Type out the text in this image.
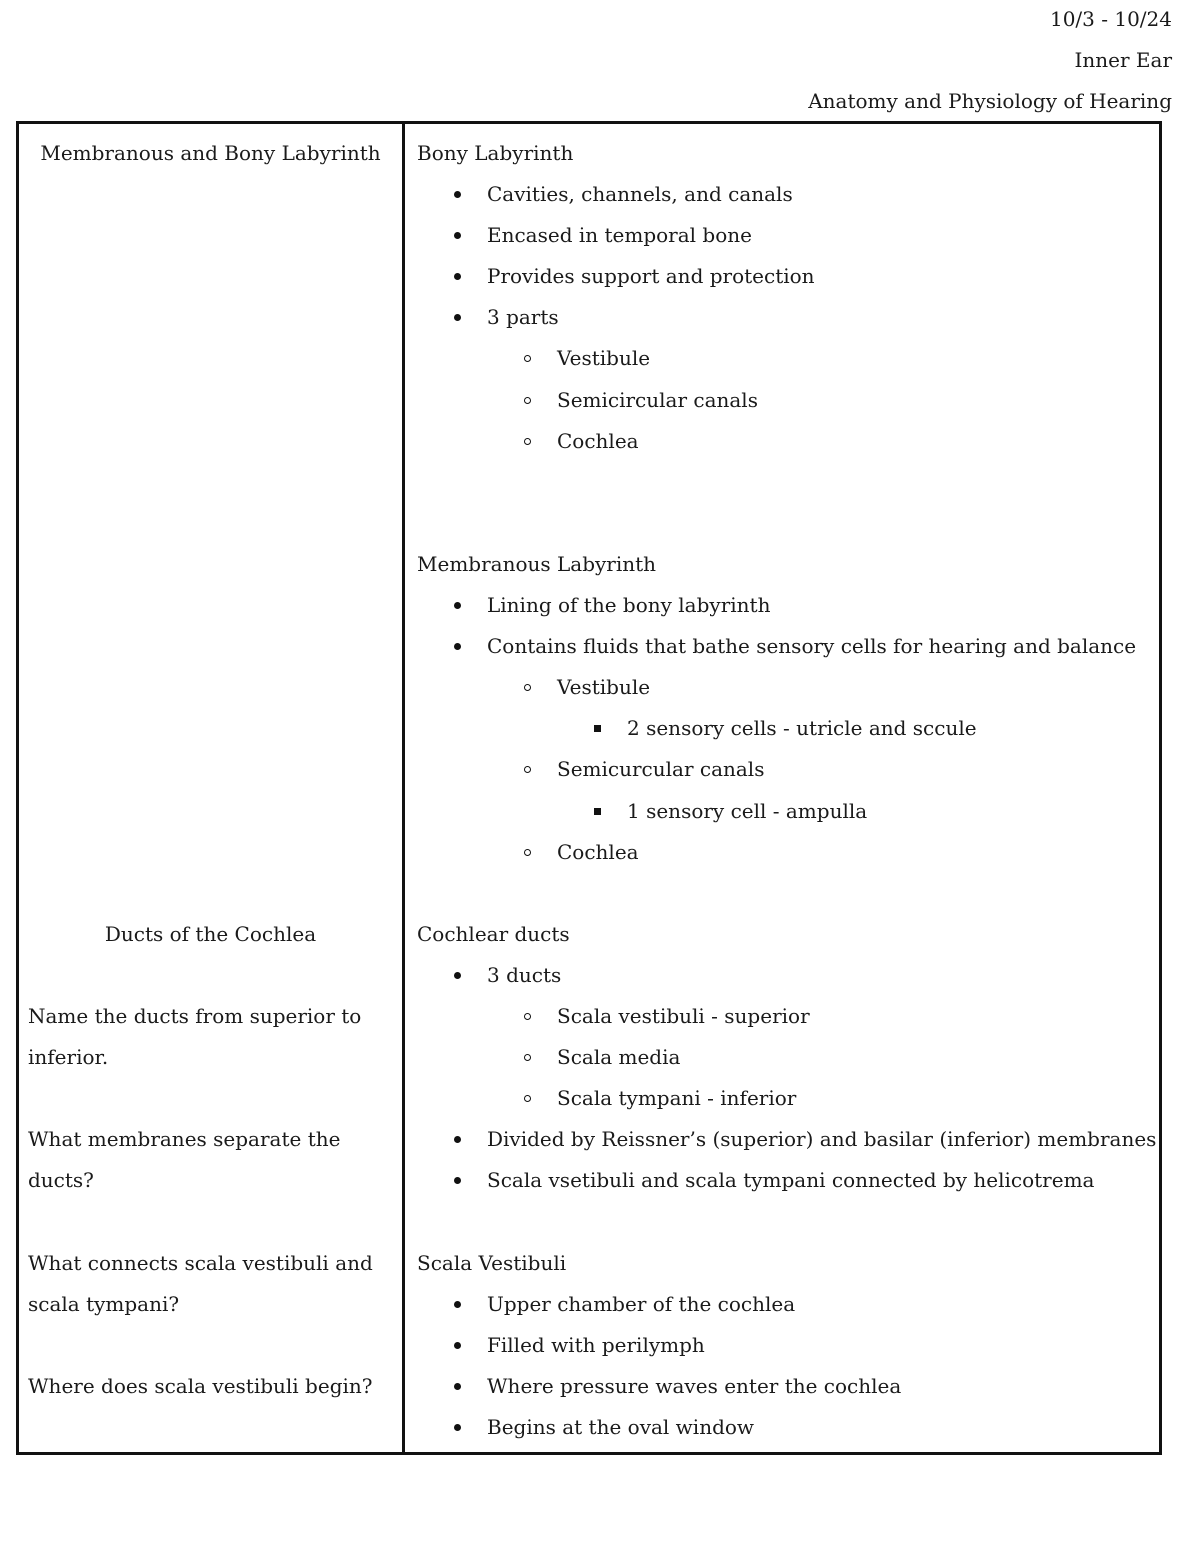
10/3 - 10/24
Inner Ear
Anatomy and Physiology of Hearing
Membranous and Bony Labyrinth
Ducts of the Cochlea
Name the ducts from superior to
inferior.
What membranes separate the
ducts?
What connects scala vestibuli and
scala tympani?
Where does scala vestibuli begin?
Bony Labyrinth
Cavities, channels, and canals
Encased in temporal bone
Provides support and protection
3 parts
Vestibule
Semicircular canals
Cochlea
Membranous Labyrinth
Lining of the bony labyrinth
Contains fluids that bathe sensory cells for hearing and balance
Vestibule
2 sensory cells - utricle and sccule
Semicurcular canals
1 sensory cell - ampulla
Cochlea
Cochlear ducts
3 ducts
Scala vestibuli - superior
Scala media
Scala tympani - inferior
Divided by Reissner’s (superior) and basilar (inferior) membranes
Scala vsetibuli and scala tympani connected by helicotrema
Scala Vestibuli
Upper chamber of the cochlea
Filled with perilymph
Where pressure waves enter the cochlea
Begins at the oval window
